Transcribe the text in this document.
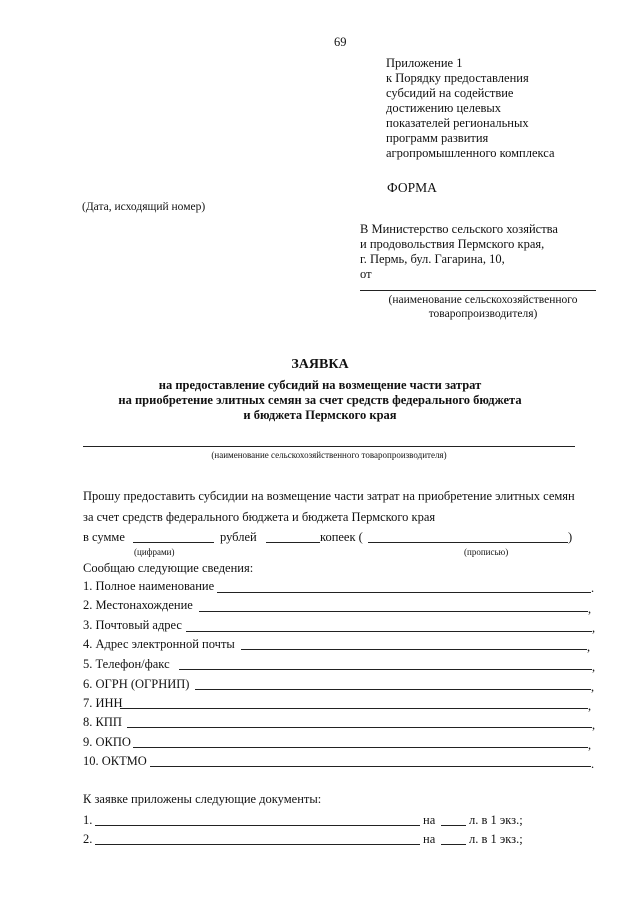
69
Приложение 1
к Порядку предоставления
субсидий на содействие
достижению целевых
показателей региональных
программ развития
агропромышленного комплекса
ФОРМА
(Дата, исходящий номер)
В Министерство сельского хозяйства
и продовольствия Пермского края,
г. Пермь, бул. Гагарина, 10,
от
(наименование сельскохозяйственного
товаропроизводителя)
ЗАЯВКА
на предоставление субсидий на возмещение части затрат
на приобретение элитных семян за счет средств федерального бюджета
и бюджета Пермского края
(наименование сельскохозяйственного товаропроизводителя)
Прошу предоставить субсидии на возмещение части затрат на приобретение элитных семян
за счет средств федерального бюджета и бюджета Пермского края
в сумме	рублей	копеек (	)
(цифрами)	(прописью)
Сообщаю следующие сведения:
1. Полное наименование	.
2. Местонахождение	,
3. Почтовый адрес	,
4. Адрес электронной почты	,
5. Телефон/факс	,
6. ОГРН (ОГРНИП)	,
7. ИНН	,
8. КПП	,
9. ОКПО	,
10. ОКТМО	.
К заявке приложены следующие документы:
1.	на	л. в 1 экз.;
2.	на	л. в 1 экз.;
